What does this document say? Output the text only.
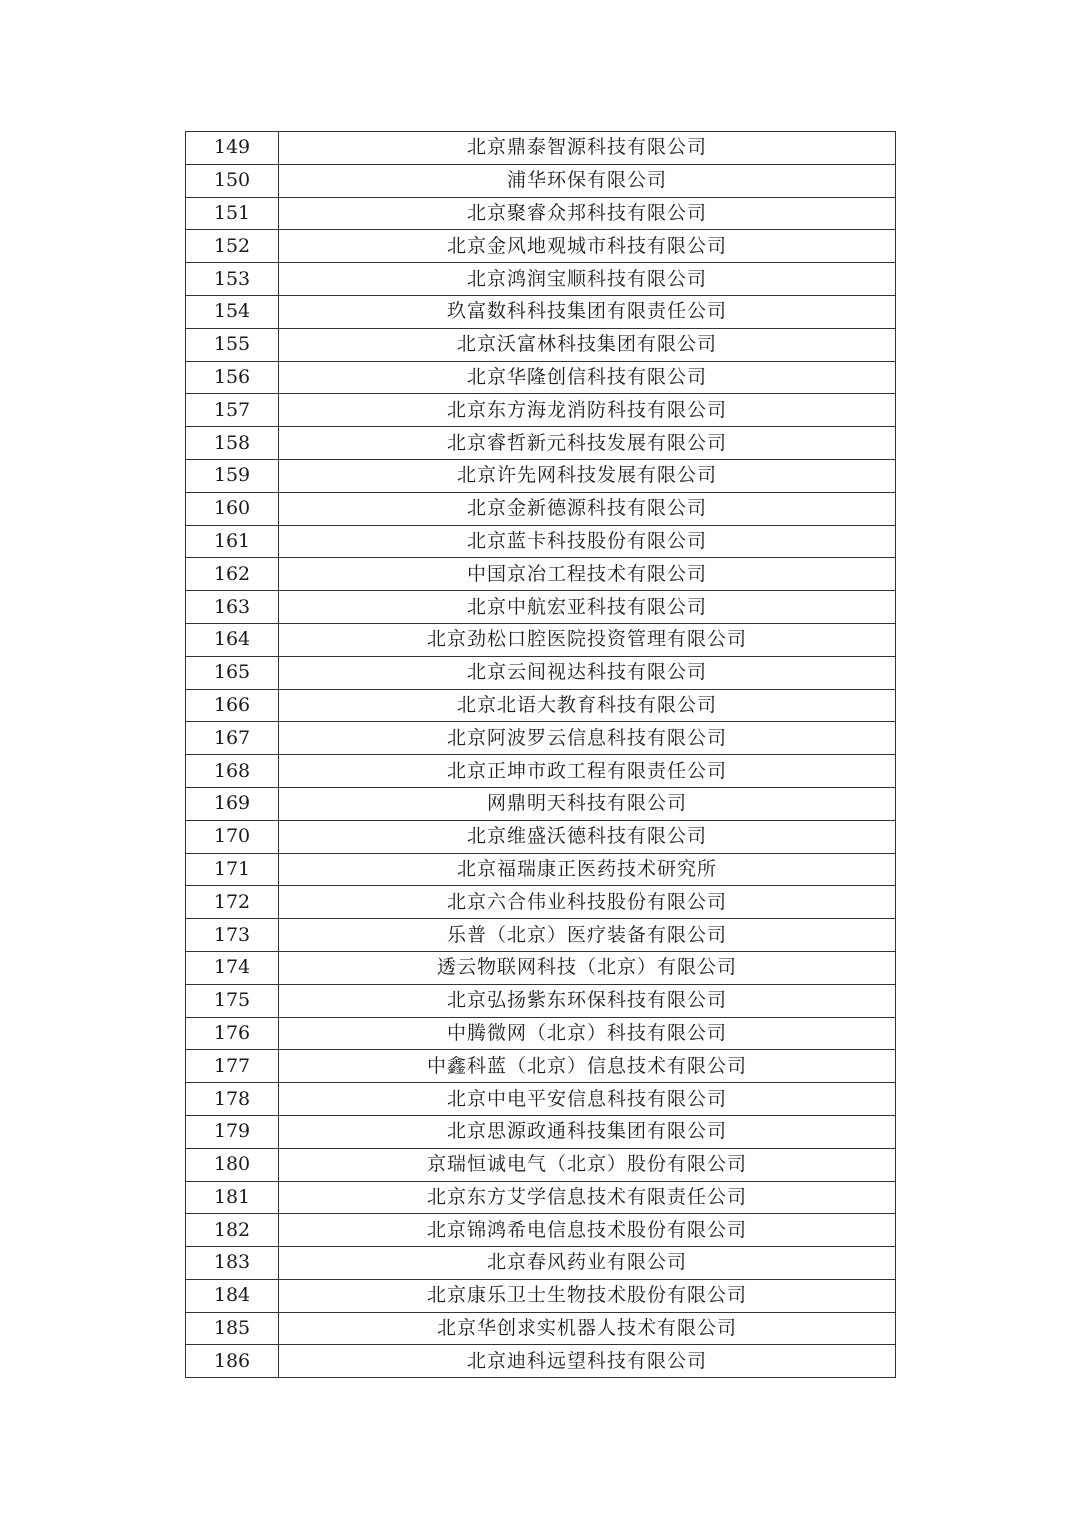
149	北京鼎泰智源科技有限公司
150	浦华环保有限公司
151	北京聚睿众邦科技有限公司
152	北京金风地观城市科技有限公司
153	北京鸿润宝顺科技有限公司
154	玖富数科科技集团有限责任公司
155	北京沃富林科技集团有限公司
156	北京华隆创信科技有限公司
157	北京东方海龙消防科技有限公司
158	北京睿哲新元科技发展有限公司
159	北京许先网科技发展有限公司
160	北京金新德源科技有限公司
161	北京蓝卡科技股份有限公司
162	中国京冶工程技术有限公司
163	北京中航宏亚科技有限公司
164	北京劲松口腔医院投资管理有限公司
165	北京云间视达科技有限公司
166	北京北语大教育科技有限公司
167	北京阿波罗云信息科技有限公司
168	北京正坤市政工程有限责任公司
169	网鼎明天科技有限公司
170	北京维盛沃德科技有限公司
171	北京福瑞康正医药技术研究所
172	北京六合伟业科技股份有限公司
173	乐普（北京）医疗装备有限公司
174	透云物联网科技（北京）有限公司
175	北京弘扬紫东环保科技有限公司
176	中腾微网（北京）科技有限公司
177	中鑫科蓝（北京）信息技术有限公司
178	北京中电平安信息科技有限公司
179	北京思源政通科技集团有限公司
180	京瑞恒诚电气（北京）股份有限公司
181	北京东方艾学信息技术有限责任公司
182	北京锦鸿希电信息技术股份有限公司
183	北京春风药业有限公司
184	北京康乐卫士生物技术股份有限公司
185	北京华创求实机器人技术有限公司
186	北京迪科远望科技有限公司
